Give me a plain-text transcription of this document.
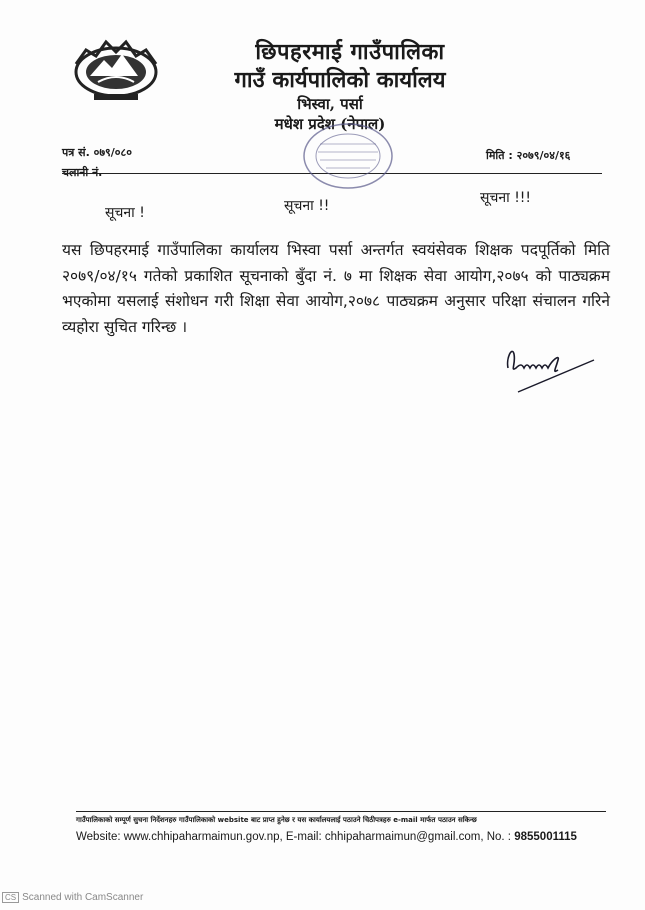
छिपहरमाई गाउँपालिका
गाउँ कार्यपालिको कार्यालय
भिस्वा, पर्सा
मधेश प्रदेश (नेपाल)
पत्र सं. ०७९/०८०
चलानी नं.
मिति : २०७९/०४/१६
सूचना !	सूचना !!	सूचना !!!
यस छिपहरमाई गाउँपालिका कार्यालय भिस्वा पर्सा अन्तर्गत स्वयंसेवक शिक्षक पदपूर्तिको मिति २०७९/०४/१५ गतेको प्रकाशित सूचनाको बुँदा नं. ७ मा शिक्षक सेवा आयोग,२०७५ को पाठ्यक्रम भएकोमा यसलाई संशोधन गरी शिक्षा सेवा आयोग,२०७८ पाठ्यक्रम अनुसार परिक्षा संचालन गरिने व्यहोरा सुचित गरिन्छ ।
गाउँपालिकाको सम्पूर्ण सुचना निर्देशनहरु गाउँपालिकाको website बाट प्राप्त हुनेछ र यस कार्यालयलाई पठाउने चिठीपत्रहरु e-mail मार्फत पठाउन सकिन्छ
Website: www.chhipaharmaimun.gov.np, E-mail: chhipaharmaimun@gmail.com, No. : 9855001115
CS Scanned with CamScanner
